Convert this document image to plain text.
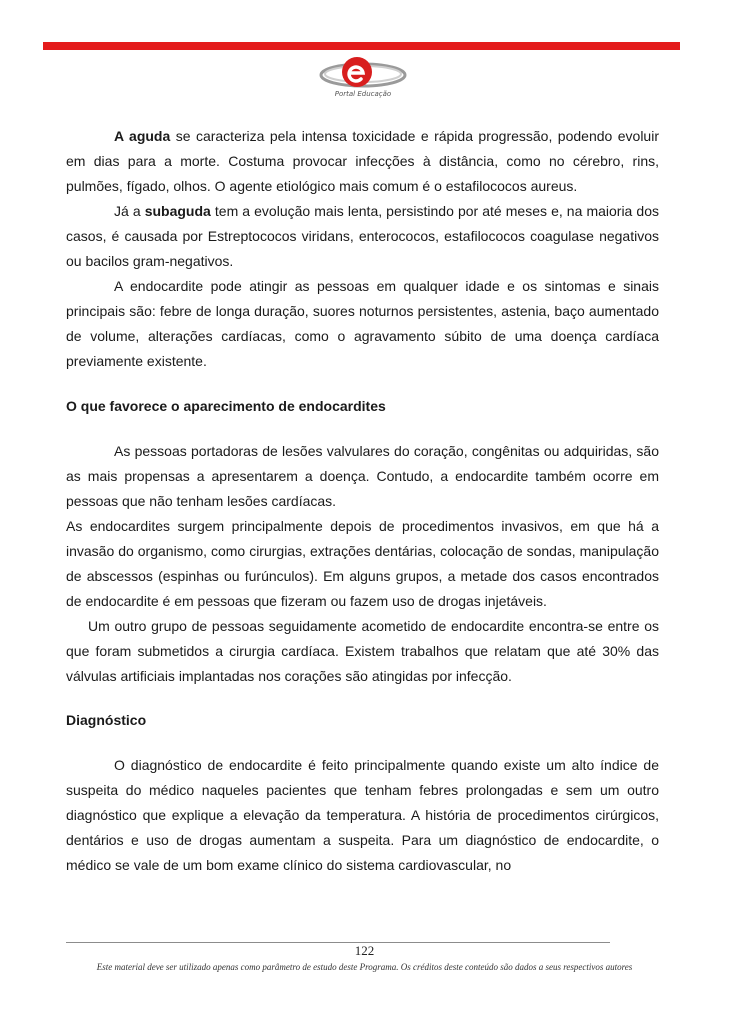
Portal Educação

A aguda se caracteriza pela intensa toxicidade e rápida progressão, podendo evoluir em dias para a morte. Costuma provocar infecções à distância, como no cérebro, rins, pulmões, fígado, olhos. O agente etiológico mais comum é o estafilococos aureus.

Já a subaguda tem a evolução mais lenta, persistindo por até meses e, na maioria dos casos, é causada por Estreptococos viridans, enterococos, estafilococos coagulase negativos ou bacilos gram-negativos.

A endocardite pode atingir as pessoas em qualquer idade e os sintomas e sinais principais são: febre de longa duração, suores noturnos persistentes, astenia, baço aumentado de volume, alterações cardíacas, como o agravamento súbito de uma doença cardíaca previamente existente.

O que favorece o aparecimento de endocardites

As pessoas portadoras de lesões valvulares do coração, congênitas ou adquiridas, são as mais propensas a apresentarem a doença. Contudo, a endocardite também ocorre em pessoas que não tenham lesões cardíacas.

As endocardites surgem principalmente depois de procedimentos invasivos, em que há a invasão do organismo, como cirurgias, extrações dentárias, colocação de sondas, manipulação de abscessos (espinhas ou furúnculos). Em alguns grupos, a metade dos casos encontrados de endocardite é em pessoas que fizeram ou fazem uso de drogas injetáveis.

Um outro grupo de pessoas seguidamente acometido de endocardite encontra-se entre os que foram submetidos a cirurgia cardíaca. Existem trabalhos que relatam que até 30% das válvulas artificiais implantadas nos corações são atingidas por infecção.

Diagnóstico

O diagnóstico de endocardite é feito principalmente quando existe um alto índice de suspeita do médico naqueles pacientes que tenham febres prolongadas e sem um outro diagnóstico que explique a elevação da temperatura. A história de procedimentos cirúrgicos, dentários e uso de drogas aumentam a suspeita. Para um diagnóstico de endocardite, o médico se vale de um bom exame clínico do sistema cardiovascular, no

122
Este material deve ser utilizado apenas como parâmetro de estudo deste Programa. Os créditos deste conteúdo são dados a seus respectivos autores
